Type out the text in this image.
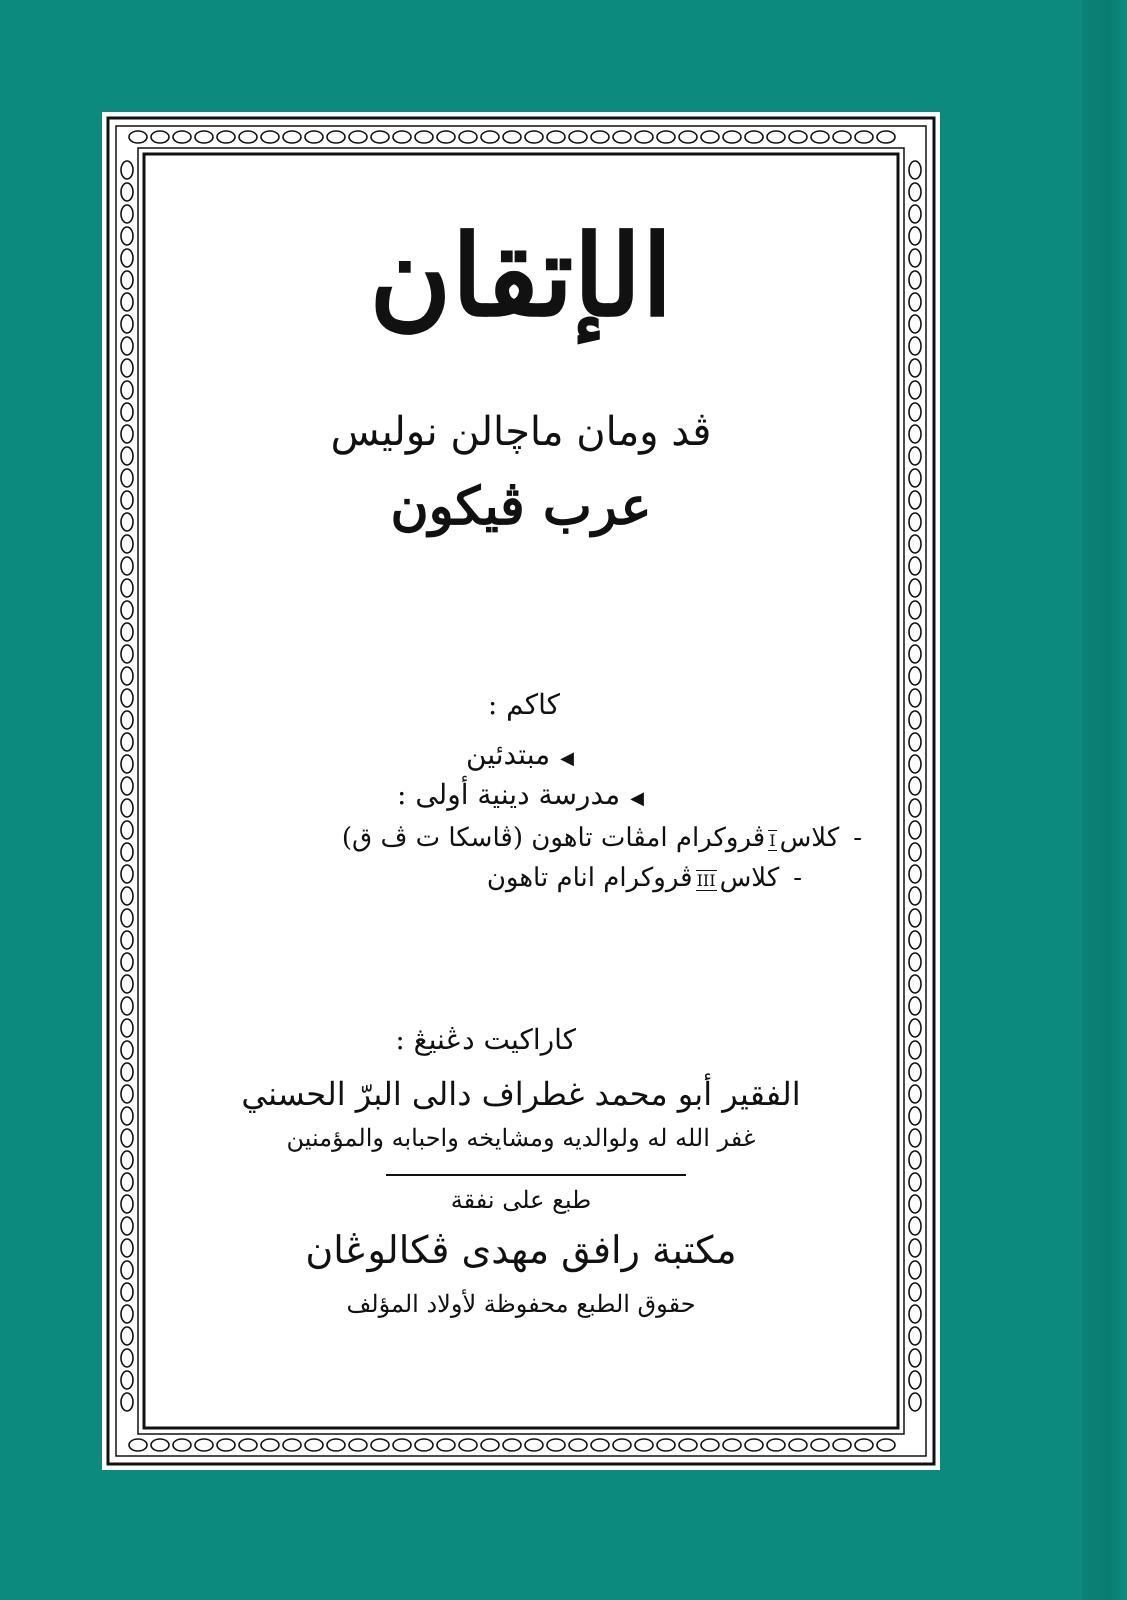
الإتقان
ڤد ومان ماچالن نوليس
عرب ڤيکون
کاکم :
◀مبتدئين
◀مدرسة دينية أولى :
-کلاسIڤروکرام امڤات تاهون (ڤاسکا ت ڤ ق)
-کلاسIIIڤروکرام انام تاهون
کاراکيت دڠنيڠ :
الفقير أبو محمد غطراف دالى البرّ الحسني
غفر الله له ولوالديه ومشايخه واحبابه والمؤمنين
طبع على نفقة
مكتبة رافق مهدى ڤکالوڠان
حقوق الطبع محفوظة لأولاد المؤلف
